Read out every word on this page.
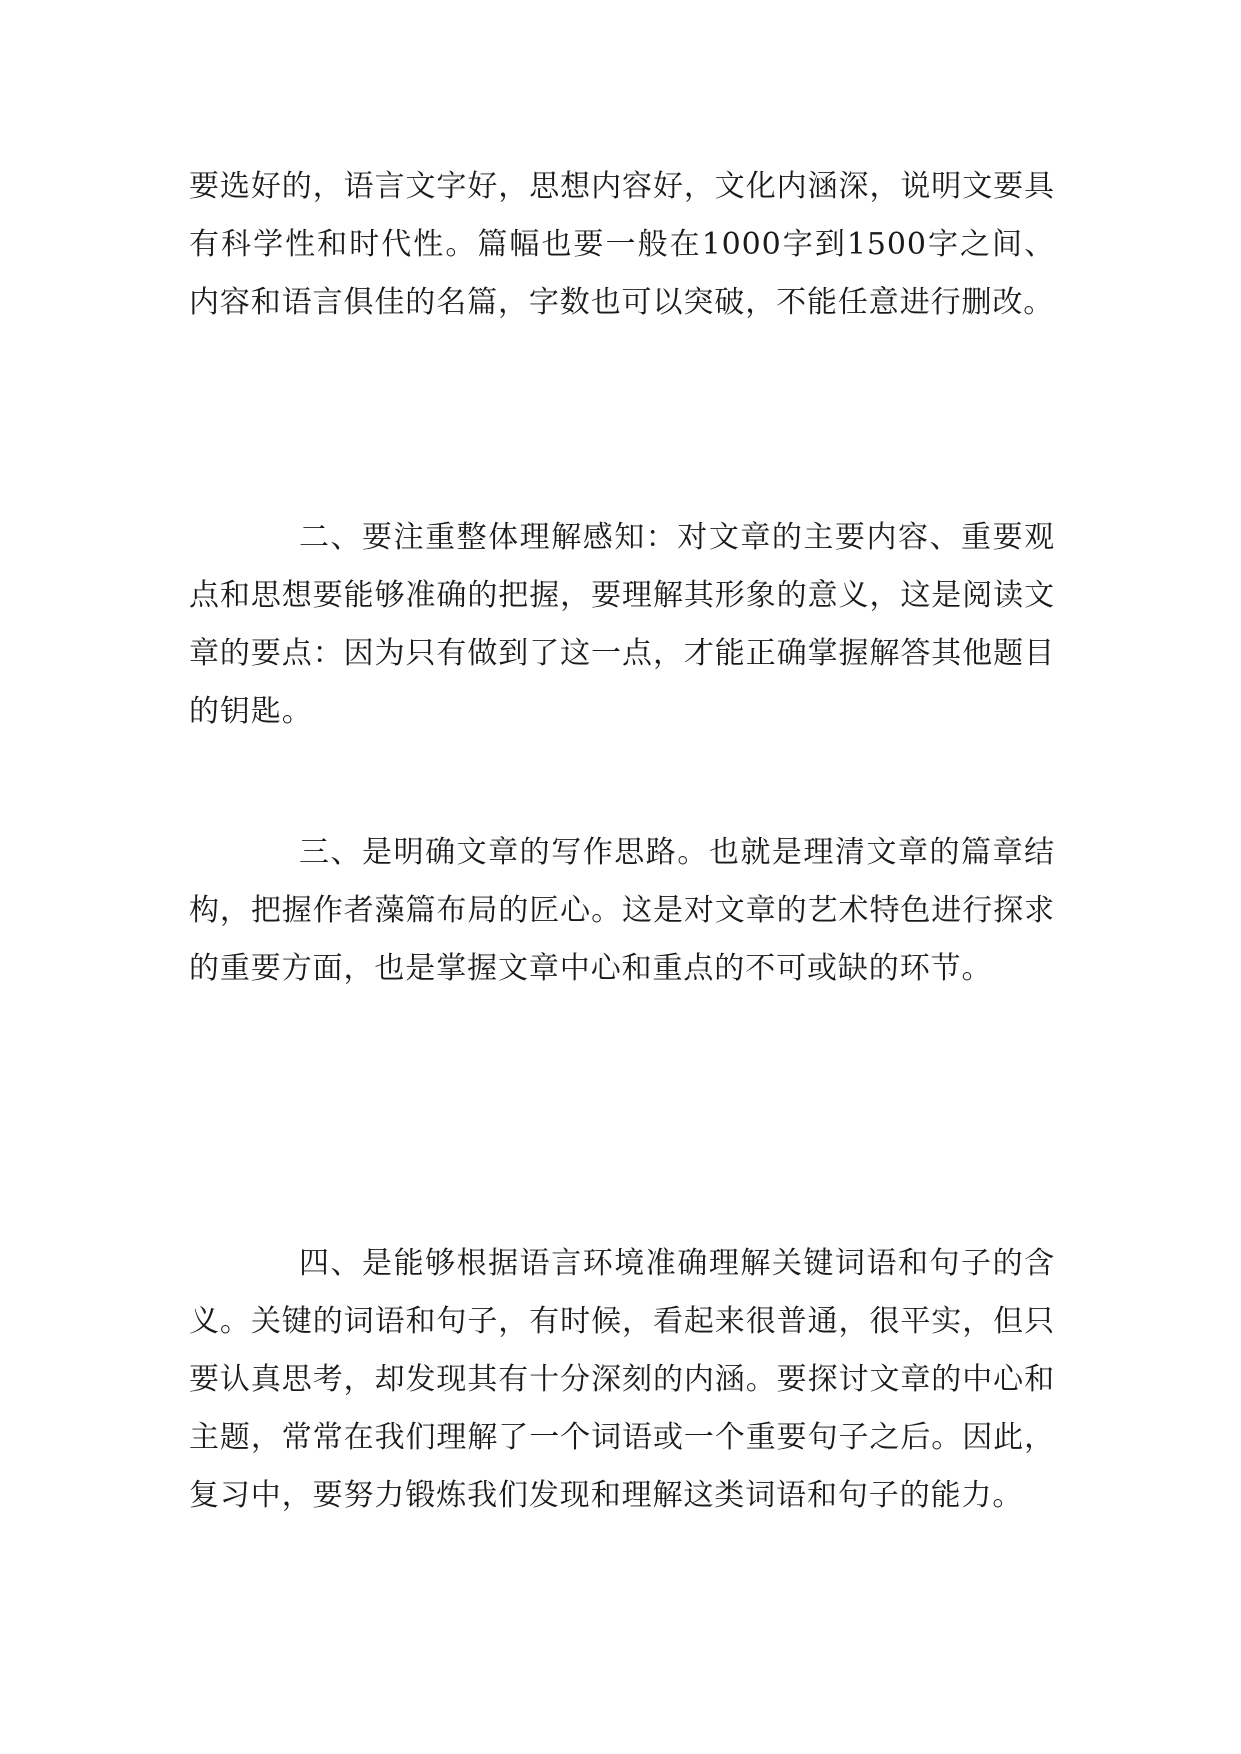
要选好的，语言文字好，思想内容好，文化内涵深，说明文要具有科学性和时代性。篇幅也要一般在1000字到1500字之间、内容和语言俱佳的名篇，字数也可以突破，不能任意进行删改。

二、要注重整体理解感知：对文章的主要内容、重要观点和思想要能够准确的把握，要理解其形象的意义，这是阅读文章的要点：因为只有做到了这一点，才能正确掌握解答其他题目的钥匙。

三、是明确文章的写作思路。也就是理清文章的篇章结构，把握作者藻篇布局的匠心。这是对文章的艺术特色进行探求的重要方面，也是掌握文章中心和重点的不可或缺的环节。

四、是能够根据语言环境准确理解关键词语和句子的含义。关键的词语和句子，有时候，看起来很普通，很平实，但只要认真思考，却发现其有十分深刻的内涵。要探讨文章的中心和主题，常常在我们理解了一个词语或一个重要句子之后。因此，复习中，要努力锻炼我们发现和理解这类词语和句子的能力。
